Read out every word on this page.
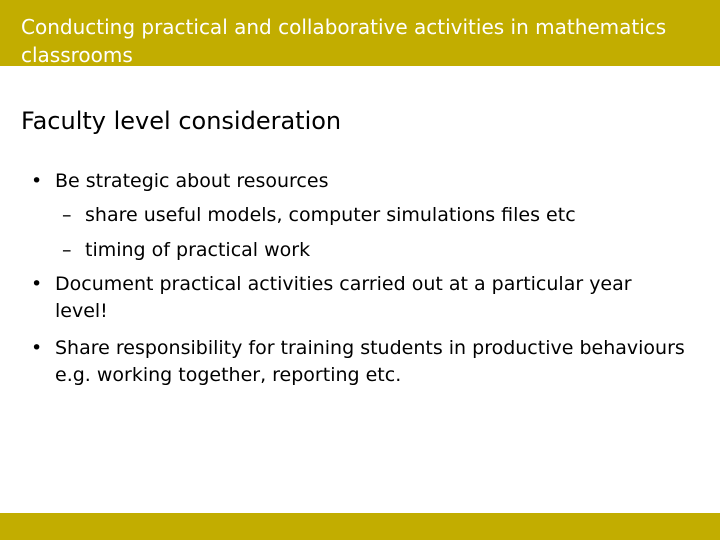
Conducting practical and collaborative activities in mathematics classrooms
Faculty level consideration
• Be strategic about resources
– share useful models, computer simulations files etc
– timing of practical work
• Document practical activities carried out at a particular year level!
• Share responsibility for training students in productive behaviours e.g. working together, reporting etc.
